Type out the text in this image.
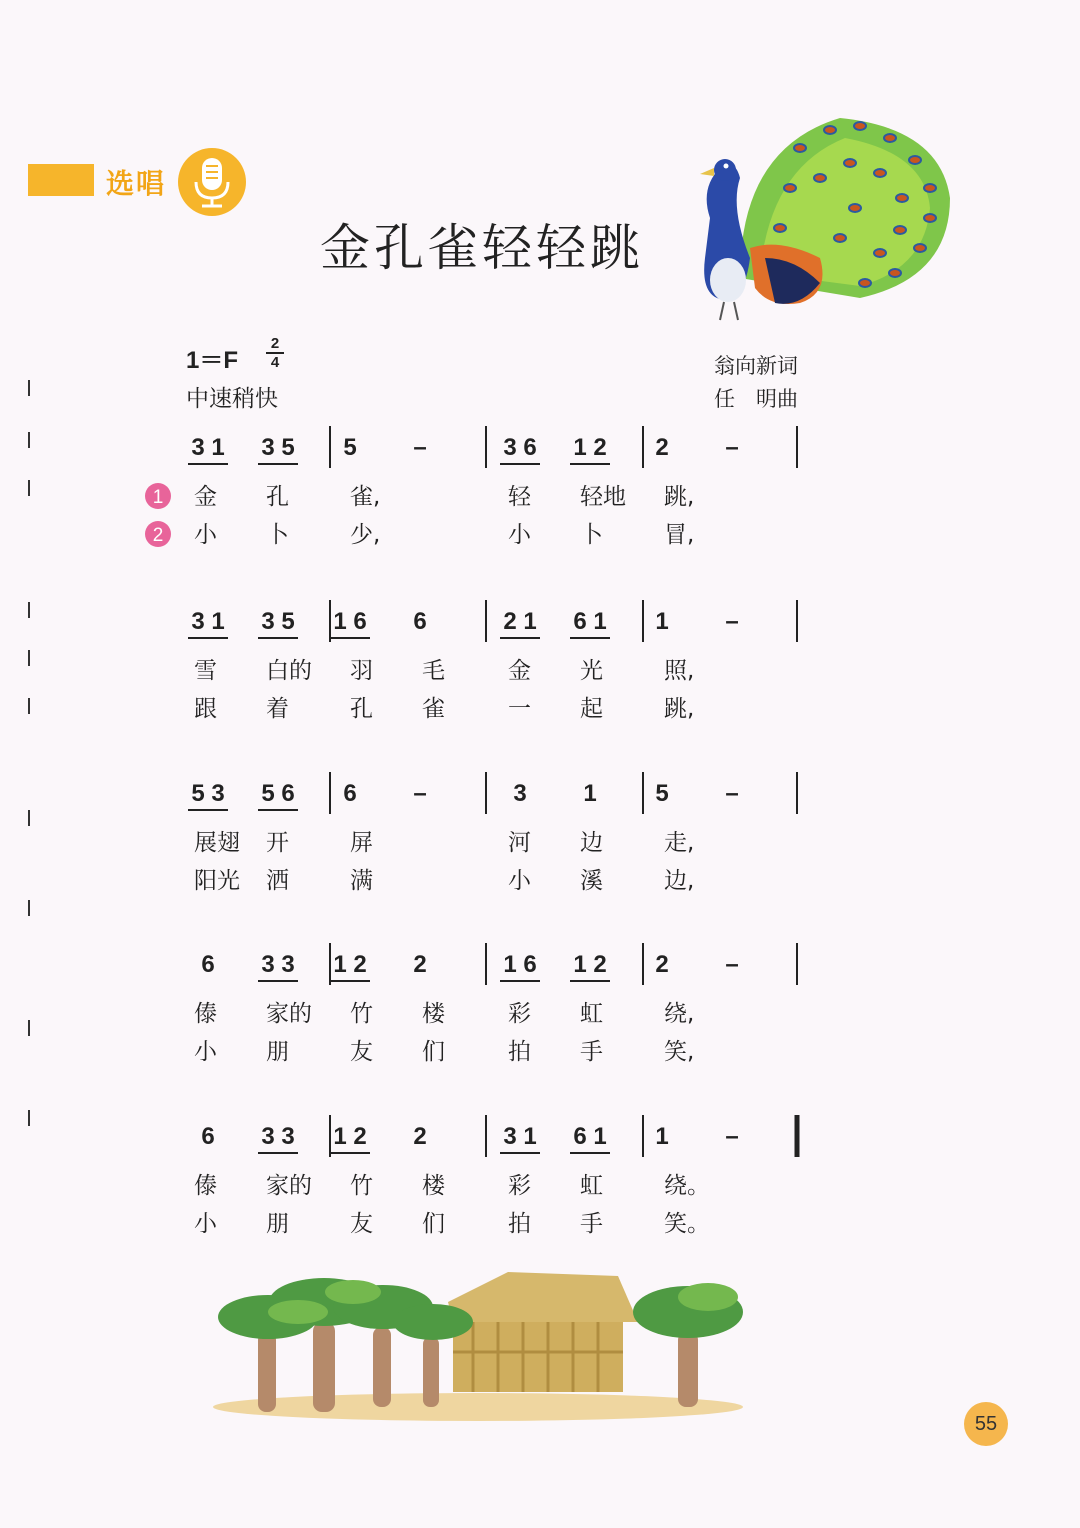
选唱
金孔雀轻轻跳
1＝F
2
4
中速稍快
翁向新词
任　明曲
3 1 3 5 5 –	3 6 1 2 2 –
金 孔	雀,	轻 轻地 跳,
小 卜	少,	小 卜	冒,
3 1 3 5 1 6 6	2 1 6 1 1 –
雪 白的 羽 毛	金 光	照,
跟 着	孔 雀	一 起	跳,
5 3 5 6 6 –	3 1 5 –
展翅 开	屏	河 边	走,
阳光 洒	满	小 溪	边,
6 3 3 1 2 2	1 6 1 2 2 –
傣 家的 竹 楼	彩 虹	绕,
小 朋	友 们	拍 手	笑,
6 3 3 1 2 2	3 1 6 1 1 –
傣 家的 竹 楼	彩 虹	绕。
小 朋	友 们	拍 手	笑。
1
2
55
